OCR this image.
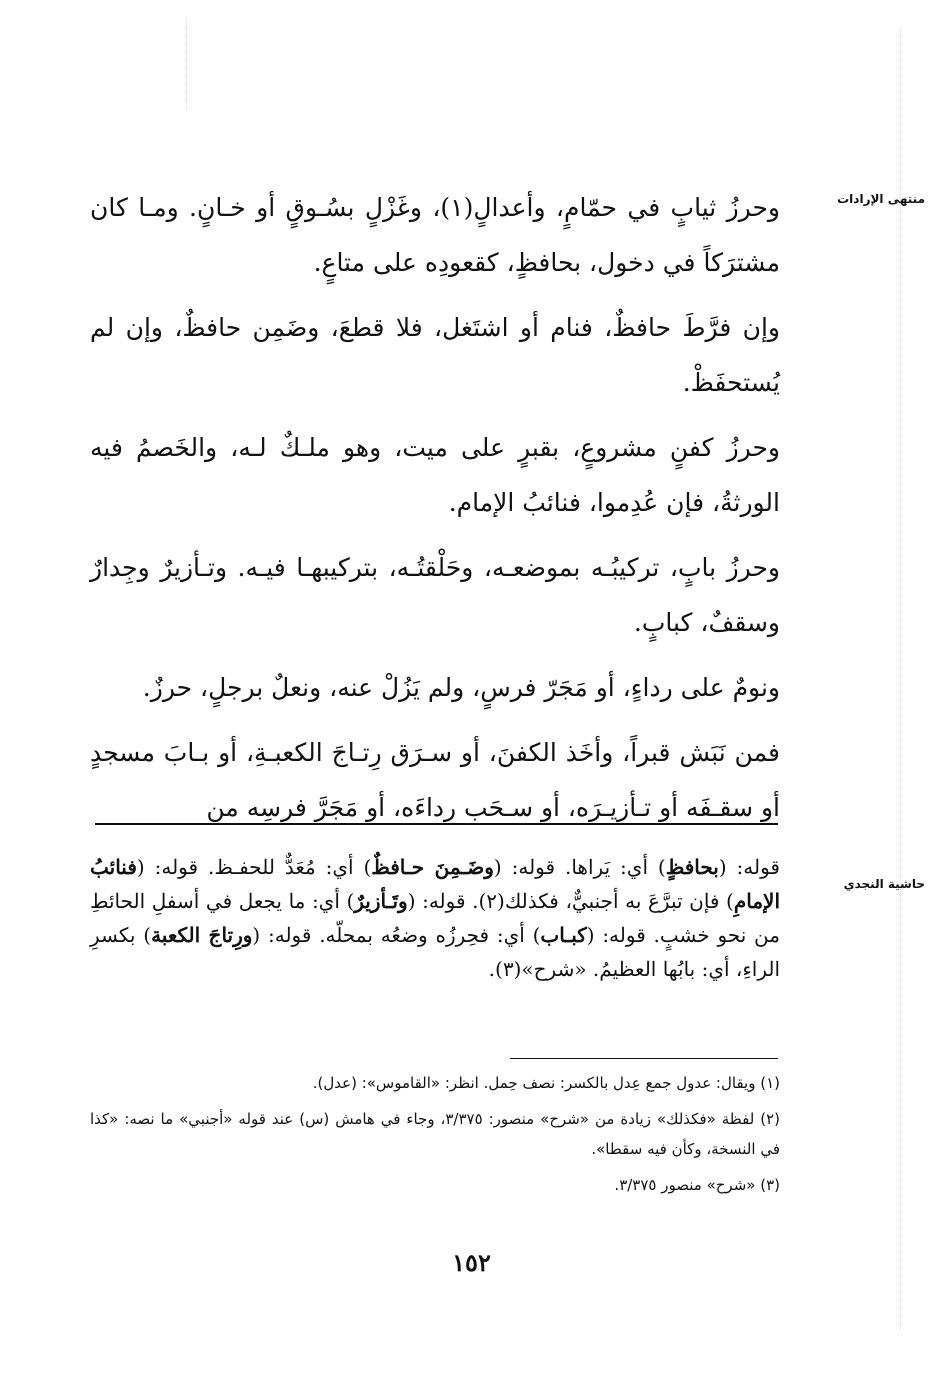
منتهى الإرادات
حاشية النجدي

وحرزُ ثيابٍ في حمّامٍ، وأعدالٍ(١)، وغَزْلٍ بسُـوقٍ أو خـانٍ. ومـا كان مشترَكاً في دخول، بحافظٍ، كقعودِه على متاعٍ.

وإن فرَّطَ حافظٌ، فنام أو اشتَغل، فلا قطعَ، وضَمِن حافظٌ، وإن لم يُستحفَظْ.

وحرزُ كفنٍ مشروعٍ، بقبرٍ على ميت، وهو ملـكٌ لـه، والخَصمُ فيه الورثةُ، فإن عُدِموا، فنائبُ الإمام.

وحرزُ بابٍ، تركيبُـه بموضعـه، وحَلْقتُـه، بتركيبهـا فيـه. وتـأزيرٌ وجِدارٌ وسقفٌ، كبابٍ.

ونومٌ على رداءٍ، أو مَجَرّ فرسٍ، ولم يَزُلْ عنه، ونعلٌ برجلٍ، حرزٌ.

فمن نَبَش قبراً، وأخَذ الكفنَ، أو سـرَق رِتـاجَ الكعبـةِ، أو بـابَ مسجدٍ أو سقـفَه أو تـأزيـرَه، أو سـحَب رداءَه، أو مَجَرَّ فرسِه من

قوله: (بحافظٍ) أي: يَراها. قوله: (وضَـمِنَ حـافظٌ) أي: مُعَدٌّ للحفـظ. قوله: (فنائبُ الإمامِ) فإن تبرَّعَ به أجنبيٌّ، فكذلك(٢). قوله: (وتَـأزيرٌ) أي: ما يجعل في أسفلِ الحائطِ من نحو خشبٍ. قوله: (كبـاب) أي: فحِرزُه وضعُه بمحلّه. قوله: (ورِتاجَ الكعبة) بكسرِ الراءِ، أي: بابُها العظيمُ. «شرح»(٣).

(١) ويقال: عدول جمع عِدل بالكسر: نصف حِمل. انظر: «القاموس»: (عدل).

(٢) لفظة «فكذلك» زيادة من «شرح» منصور: ٣/٣٧٥، وجاء في هامش (س) عند قوله «أجنبي» ما نصه: «كذا في النسخة، وكأن فيه سقطا».

(٣) «شرح» منصور ٣/٣٧٥.

١٥٢
